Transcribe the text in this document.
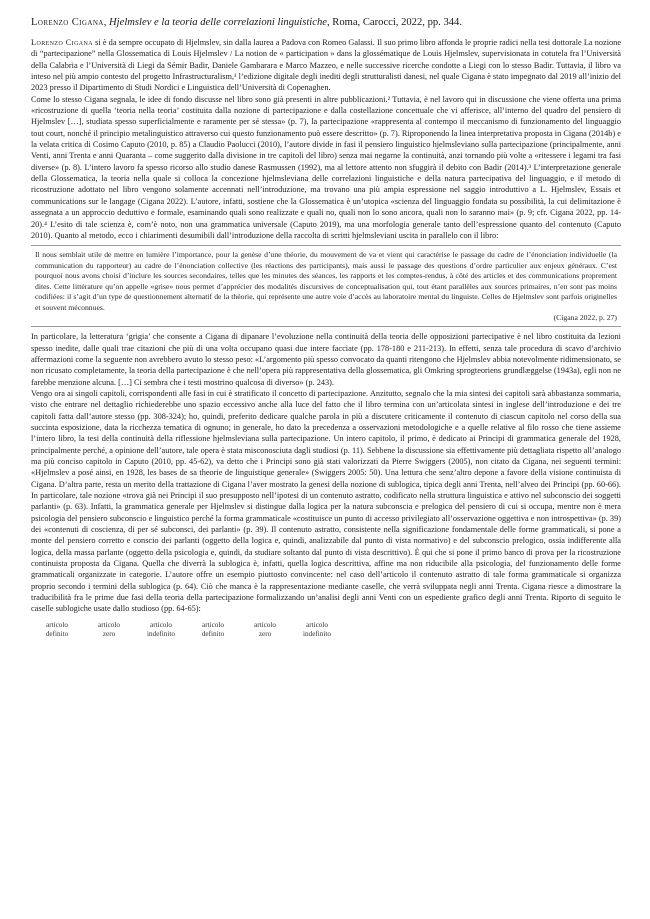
Lorenzo Cigana, Hjelmslev e la teoria delle correlazioni linguistiche, Roma, Carocci, 2022, pp. 344.

Lorenzo Cigana si è da sempre occupato di Hjelmslev, sin dalla laurea a Padova con Romeo Galassi. Il suo primo libro affonda le proprie radici nella tesi dottorale La nozione di “partecipazione” nella Glossematica di Louis Hjelmslev / La notion de « participation » dans la glossématique de Louis Hjelmslev, supervisionata in cotutela fra l’Università della Calabria e l’Università di Liegi da Sémir Badir, Daniele Gambarara e Marco Mazzeo, e nelle successive ricerche condotte a Liegi con lo stesso Badir. Tuttavia, il libro va inteso nel più ampio contesto del progetto Infrastructuralism,¹ l’edizione digitale degli inediti degli strutturalisti danesi, nel quale Cigana è stato impegnato dal 2019 all’inizio del 2023 presso il Dipartimento di Studi Nordici e Linguistica dell’Università di Copenaghen.

Come lo stesso Cigana segnala, le idee di fondo discusse nel libro sono già presenti in altre pubblicazioni.² Tuttavia, è nel lavoro qui in discussione che viene offerta una prima «ricostruzione di quella ‘teoria nella teoria’ costituita dalla nozione di partecipazione e dalla costellazione concettuale che vi afferisce, all’interno del quadro del pensiero di Hjelmslev […], studiata spesso superficialmente e raramente per sé stessa» (p. 7), la partecipazione «rappresenta al contempo il meccanismo di funzionamento del linguaggio tout court, nonché il principio metalinguistico attraverso cui questo funzionamento può essere descritto» (p. 7). Riproponendo la linea interpretativa proposta in Cigana (2014b) e la velata critica di Cosimo Caputo (2010, p. 85) a Claudio Paolucci (2010), l’autore divide in fasi il pensiero linguistico hjelmsleviano sulla partecipazione (principalmente, anni Venti, anni Trenta e anni Quaranta – come suggerito dalla divisione in tre capitoli del libro) senza mai negarne la continuità, anzi tornando più volte a «ritessere i legami tra fasi diverse» (p. 8). L’intero lavoro fa spesso ricorso allo studio danese Rasmussen (1992), ma al lettore attento non sfuggirà il debito con Badir (2014).³ L’interpretazione generale della Glossematica, la teoria nella quale si colloca la concezione hjelmsleviana delle correlazioni linguistiche e della natura partecipativa del linguaggio, e il metodo di ricostruzione adottato nel libro vengono solamente accennati nell’introduzione, ma trovano una più ampia espressione nel saggio introduttivo a L. Hjelmslev, Essais et communications sur le langage (Cigana 2022). L’autore, infatti, sostiene che la Glossematica è un’utopica «scienza del linguaggio fondata su possibilità, la cui delimitazione è assegnata a un approccio deduttivo e formale, esaminando quali sono realizzate e quali no, quali non lo sono ancora, quali non lo saranno mai» (p. 9; cfr. Cigana 2022, pp. 14-20).⁴ L’esito di tale scienza è, com’è noto, non una grammatica universale (Caputo 2019), ma una morfologia generale tanto dell’espressione quanto del contenuto (Caputo 2010). Quanto al metodo, ecco i chiarimenti desumibili dall’introduzione della raccolta di scritti hjelmsleviani uscita in parallelo con il libro:

Il nous semblait utile de mettre en lumière l’importance, pour la genèse d’une théorie, du mouvement de va et vient qui caractérise le passage du cadre de l’énonciation individuelle (la communication du rapporteur) au cadre de l’énonciation collective (les réactions des participants), mais aussi le passage des questions d’ordre particulier aux enjeux généraux. C’est pourquoi nous avons choisi d’inclure les sources secondaires, telles que les minutes des séances, les rapports et les comptes-rendus, à côté des articles et des communications proprement dites. Cette littérature qu’on appelle «grise» nous permet d’apprécier des modalités discursives de conceptualisation qui, tout étant parallèles aux sources primaires, n’en sont pas moins codifiées: il s’agit d’un type de questionnement alternatif de la théorie, qui représente une autre voie d’accès au laboratoire mental du linguiste. Celles de Hjelmslev sont parfois originelles et souvent méconnues.

(Cigana 2022, p. 27)

In particolare, la letteratura ‘grigia’ che consente a Cigana di dipanare l’evoluzione nella continuità della teoria delle opposizioni partecipative è nel libro costituita da lezioni spesso inedite, dalle quali trae citazioni che più di una volta occupano quasi due intere facciate (pp. 178-180 e 211-213). In effetti, senza tale procedura di scavo d’archivio affermazioni come la seguente non avrebbero avuto lo stesso peso: «L’argomento più spesso convocato da quanti ritengono che Hjelmslev abbia notevolmente ridimensionato, se non ricusato completamente, la teoria della partecipazione è che nell’opera più rappresentativa della glossematica, gli Omkring sprogteoriens grundlæggelse (1943a), egli non ne farebbe menzione alcuna. […] Ci sembra che i testi mostrino qualcosa di diverso» (p. 243).

Vengo ora ai singoli capitoli, corrispondenti alle fasi in cui è stratificato il concetto di partecipazione. Anzitutto, segnalo che la mia sintesi dei capitoli sarà abbastanza sommaria, visto che entrare nel dettaglio richiederebbe uno spazio eccessivo anche alla luce del fatto che il libro termina con un’articolata sintesi in inglese dell’introduzione e dei tre capitoli fatta dall’autore stesso (pp. 308-324); ho, quindi, preferito dedicare qualche parola in più a discutere criticamente il contenuto di ciascun capitolo nel corso della sua succinta esposizione, data la ricchezza tematica di ognuno; in generale, ho dato la precedenza a osservazioni metodologiche e a quelle relative al filo rosso che tiene assieme l’intero libro, la tesi della continuità della riflessione hjelmsleviana sulla partecipazione. Un intero capitolo, il primo, è dedicato ai Principi di grammatica generale del 1928, principalmente perché, a opinione dell’autore, tale opera è stata misconosciuta dagli studiosi (p. 11). Sebbene la discussione sia effettivamente più dettagliata rispetto all’analogo ma più conciso capitolo in Caputo (2010, pp. 45-62), va detto che i Principi sono già stati valorizzati da Pierre Swiggers (2005), non citato da Cigana, nei seguenti termini: «Hjelmslev a posé ainsi, en 1928, les bases de sa theorie de linguistique generale» (Swiggers 2005: 50). Una lettura che senz’altro depone a favore della visione continuista di Cigana. D’altra parte, resta un merito della trattazione di Cigana l’aver mostrato la genesi della nozione di sublogica, tipica degli anni Trenta, nell’alveo dei Principi (pp. 60-66). In particolare, tale nozione «trova già nei Principi il suo presupposto nell’ipotesi di un contenuto astratto, codificato nella struttura linguistica e attivo nel subconscio dei soggetti parlanti» (p. 63). Infatti, la grammatica generale per Hjelmslev si distingue dalla logica per la natura subconscia e prelogica del pensiero di cui si occupa, mentre non è mera psicologia del pensiero subconscio e linguistico perché la forma grammaticale «costituisce un punto di accesso privilegiato all’osservazione oggettiva e non introspettiva» (p. 39) dei «contenuti di coscienza, di per sé subconsci, dei parlanti» (p. 39). Il contenuto astratto, consistente nella significazione fondamentale delle forme grammaticali, si pone a monte del pensiero corretto e conscio dei parlanti (oggetto della logica e, quindi, analizzabile dal punto di vista normativo) e del subconscio prelogico, ossia indifferente alla logica, della massa parlante (oggetto della psicologia e, quindi, da studiare soltanto dal punto di vista descrittivo). È qui che si pone il primo banco di prova per la ricostruzione continuista proposta da Cigana. Quella che diverrà la sublogica è, infatti, quella logica descrittiva, affine ma non riducibile alla psicologia, del funzionamento delle forme grammaticali organizzate in categorie. L’autore offre un esempio piuttosto convincente: nel caso dell’articolo il contenuto astratto di tale forma grammaticale si organizza proprio secondo i termini della sublogica (p. 64). Ciò che manca è la rappresentazione mediante caselle, che verrà sviluppata negli anni Trenta. Cigana riesce a dimostrare la traducibilità fra le prime due fasi della teoria della partecipazione formalizzando un’analisi degli anni Venti con un espediente grafico degli anni Trenta. Riporto di seguito le caselle sublogiche usate dallo studioso (pp. 64-65):

articolo
definito
articolo
zero
articolo
indefinito
articolo
definito
articolo
zero
articolo
indefinito
